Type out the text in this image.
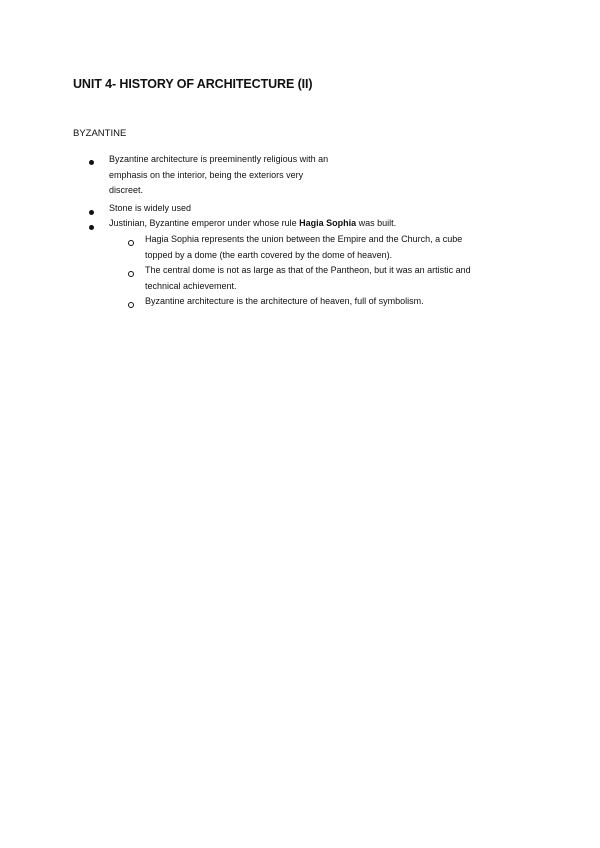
UNIT 4- HISTORY OF ARCHITECTURE (II)
BYZANTINE
Byzantine architecture is preeminently religious with an
emphasis on the interior, being the exteriors very
discreet.
Stone is widely used
Justinian, Byzantine emperor under whose rule Hagia Sophia was built.
Hagia Sophia represents the union between the Empire and the Church, a cube
topped by a dome (the earth covered by the dome of heaven).
The central dome is not as large as that of the Pantheon, but it was an artistic and
technical achievement.
Byzantine architecture is the architecture of heaven, full of symbolism.
